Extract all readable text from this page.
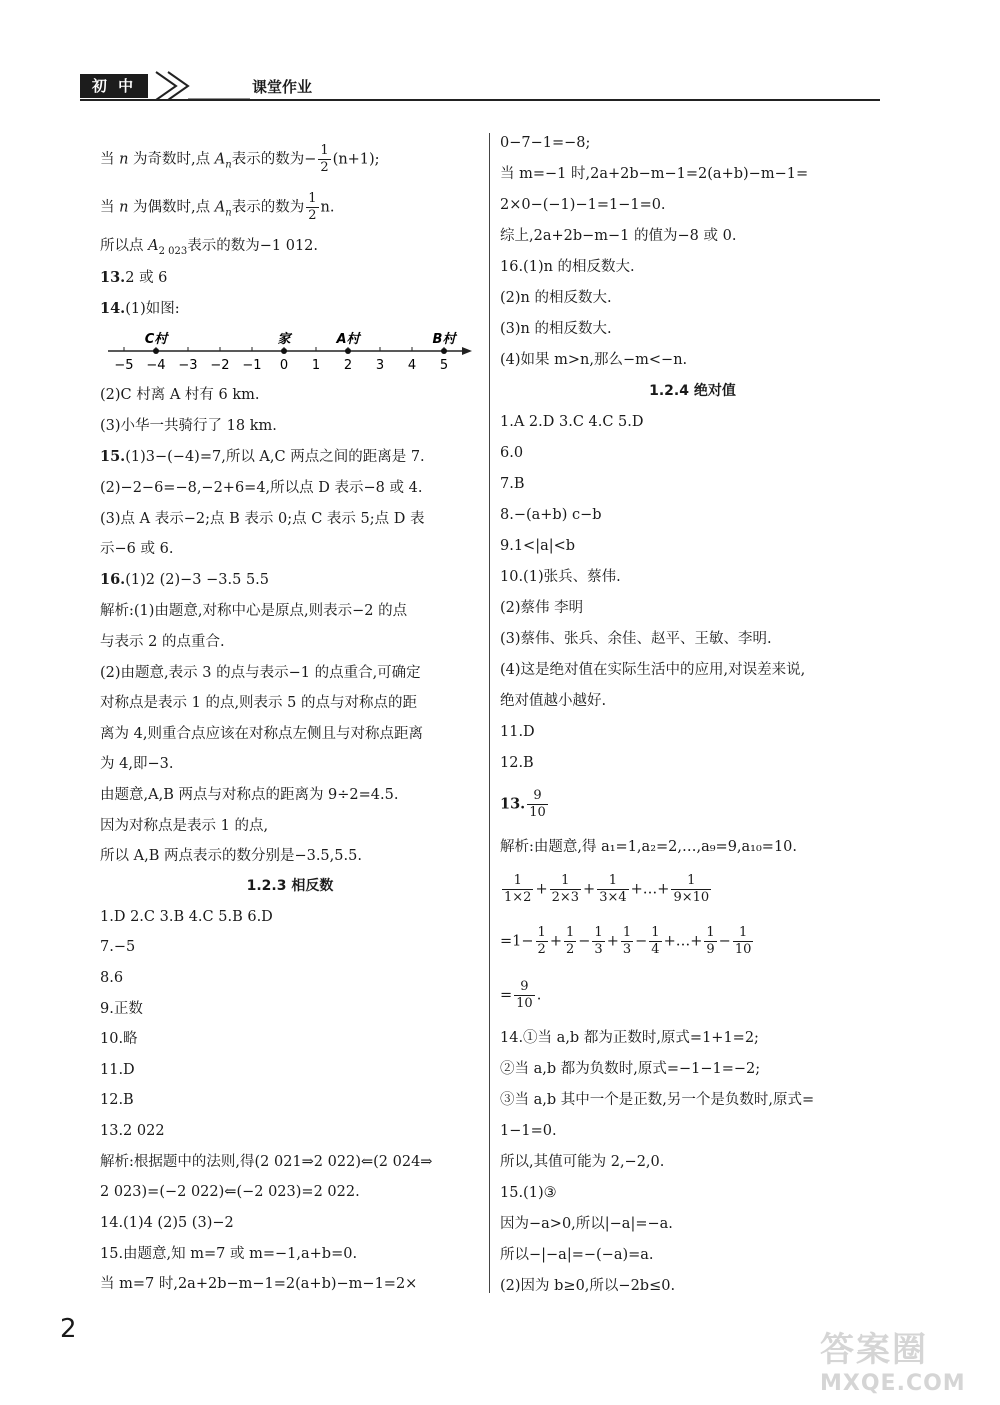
初 中	课堂作业
当 n 为奇数时,点 $A_n$表示的数为− $\frac{1}{2} (n+1)$;
当 n 为偶数时,点 $A_n$表示的数为 $\frac{1}{2} n$.
所以点 $A_{2 023}$表示的数为−1 012.
13.2 或 6
14.(1)如图:
−5 −4 −3 −2 −1 0 1 2 3 4 5
C村	家	A村	B村
(2)C 村离 A 村有 6 km.
(3)小华一共骑行了 18 km.
15.(1)3−(−4)=7,所以 A,C 两点之间的距离是 7.
(2)−2−6=−8,−2+6=4,所以点 D 表示−8 或 4.
(3)点 A 表示−2;点 B 表示 0;点 C 表示 5;点 D 表
示−6 或 6.
16.(1)2 (2)−3 −3.5 5.5
解析:(1)由题意,对称中心是原点,则表示−2 的点
与表示 2 的点重合.
(2)由题意,表示 3 的点与表示−1 的点重合,可确定
对称点是表示 1 的点,则表示 5 的点与对称点的距
离为 4,则重合点应该在对称点左侧且与对称点距离
为 4,即−3.
由题意,A,B 两点与对称点的距离为 9÷2=4.5.
因为对称点是表示 1 的点,
所以 A,B 两点表示的数分别是−3.5,5.5.
1.2.3 相反数
1.D 2.C 3.B 4.C 5.B 6.D
7.−5
8.6
9.正数
10.略
11.D
12.B
13.2 022
解析:根据题中的法则,得(2 021⇒2 022)⇐(2 024⇒
2 023)=(−2 022)⇐(−2 023)=2 022.
14.(1)4 (2)5 (3)−2
15.由题意,知 m=7 或 m=−1,a+b=0.
当 m=7 时,2a+2b−m−1=2(a+b)−m−1=2×
0−7−1=−8;
当 m=−1 时,2a+2b−m−1=2(a+b)−m−1=
2×0−(−1)−1=1−1=0.
综上,2a+2b−m−1 的值为−8 或 0.
16.(1)n 的相反数大.
(2)n 的相反数大.
(3)n 的相反数大.
(4)如果 m>n,那么−m<−n.
1.2.4 绝对值
1.A 2.D 3.C 4.C 5.D
6.0
7.B
8.−(a+b) c−b
9.1<|a|<b
10.(1)张兵、蔡伟.
(2)蔡伟 李明
(3)蔡伟、张兵、余佳、赵平、王敏、李明.
(4)这是绝对值在实际生活中的应用,对误差来说,
绝对值越小越好.
11.D
12.B
13. $\frac{9}{10}$
解析:由题意,得 a₁=1,a₂=2,…,a₉=9,a₁₀=10.
$\frac{1}{1\times 2} + \frac{1}{2\times 3} + \frac{1}{3\times 4}$ +…+ $\frac{1}{9\times 10}$
$=1- \frac{1}{2} + \frac{1}{2} - \frac{1}{3} + \frac{1}{3} - \frac{1}{4}$ +…+ $\frac{1}{9} - \frac{1}{10}$
= $\frac{9}{10}$ .
14.①当 a,b 都为正数时,原式=1+1=2;
②当 a,b 都为负数时,原式=−1−1=−2;
③当 a,b 其中一个是正数,另一个是负数时,原式=
1−1=0.
所以,其值可能为 2,−2,0.
15.(1)③
因为−a>0,所以|−a|=−a.
所以−|−a|=−(−a)=a.
(2)因为 b≥0,所以−2b≤0.
2
答案圈
MXQE.COM
